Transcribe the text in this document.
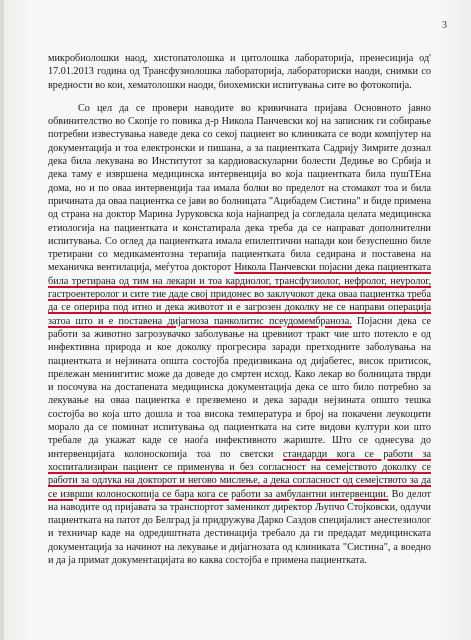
3

микробиолошки наод, хистопатолошка и цитолошка лабораторија, пренесиција од' 17.01.2013 година од Трансфузиолошка лабораторија, лабораториски наоди, снимки со вредности во кои, хематолошки наоди, биохемиски испитувања сите во фотокопија.

Со цел да се провери наводите во кривичната пријава Основното јавно обвинителство во Скопје го повика д-р Никола Панчевски кој на записник ги собирање потребни известувања наведе дека со секој пациент во клиниката се води компјутер на документација и тоа електронски и пишана, а за пациентката Садрију Зимрите дознал дека била лекувана во Институтот за кардиоваскуларни болести Дедиње во Србија и дека таму е извршена медицинска интервенција во која пациентката била пушТЕна дома, но и по оваа интервенција таа имала болки во пределот на стомакот тоа и била причината да оваа пациентка се јави во болницата "Ацибадем Систина" и биде примена од страна на доктор Марина Јуруковска која најнапред ја согледала целата медицинска етиологија на пациентката и констатирала дека треба да се направат дополнителни испитувања. Со оглед да пациентката имала епилептични напади кои безуспешно биле третирани со медикаментозна терапија пациентката била седирана и поставена на механичка вентилација, меѓутоа докторот Никола Панчевски појасни дека пациентката била третирана од тим на лекари и тоа кардиолог, трансфузиолог, нефролог, неуролог, гастроентеролог и сите тие даде свој придонес во заклучокот дека оваа пациентка треба да се оперира под итно и дека животот и е загрозен доколку не се направи операција затоа што и е поставена дијагноза панколитис псеудомембраноза. Појасни дека се работи за животно загрозувачко заболување на цревниот тракт чие што потекло е од инфективна природа и кое доколку прогресира заради претходните заболувања на пациентката и нејзината општа состојба предизвикана од дијабетес, висок притисок, прележан менингитис може да доведе до смртен исход. Како лекар во болницата тврди и посочува на достапената медицинска документација дека се што било потребно за лекување на оваа пациентка е презвемено и дека заради нејзината општо тешка состојба во која што дошла и тоа висока температура и број на покачени леукоцити морало да се поминат испитувања од пациентката на сите видови култури кои што требале да укажат каде се наоѓа инфективното жариште. Што се однесува до интервенцијата колоноскопија тоа по светски стандарди кога се работи за хоспитализиран пациент се применува и без согласност на семејството доколку се работи за одлука на докторот и негово мислење, а дека согласност од семејството за да се изврши колоноскопија се бара кога се работи за амбулантни интервенции. Во делот на наводите од пријавата за транспортот заменикот директор Љупчо Стојковски, одлучи пациентката на патот до Белград ја придружува Дарко Саздов специјалист анестезиолог и техничар каде на одредиштната дестинација требало да ги предадат медицинската документација за начинот на лекување и дијагнозата од клиниката "Систина", а воедно и да ја примат документацијата во каква состојба е примена пациентката.
